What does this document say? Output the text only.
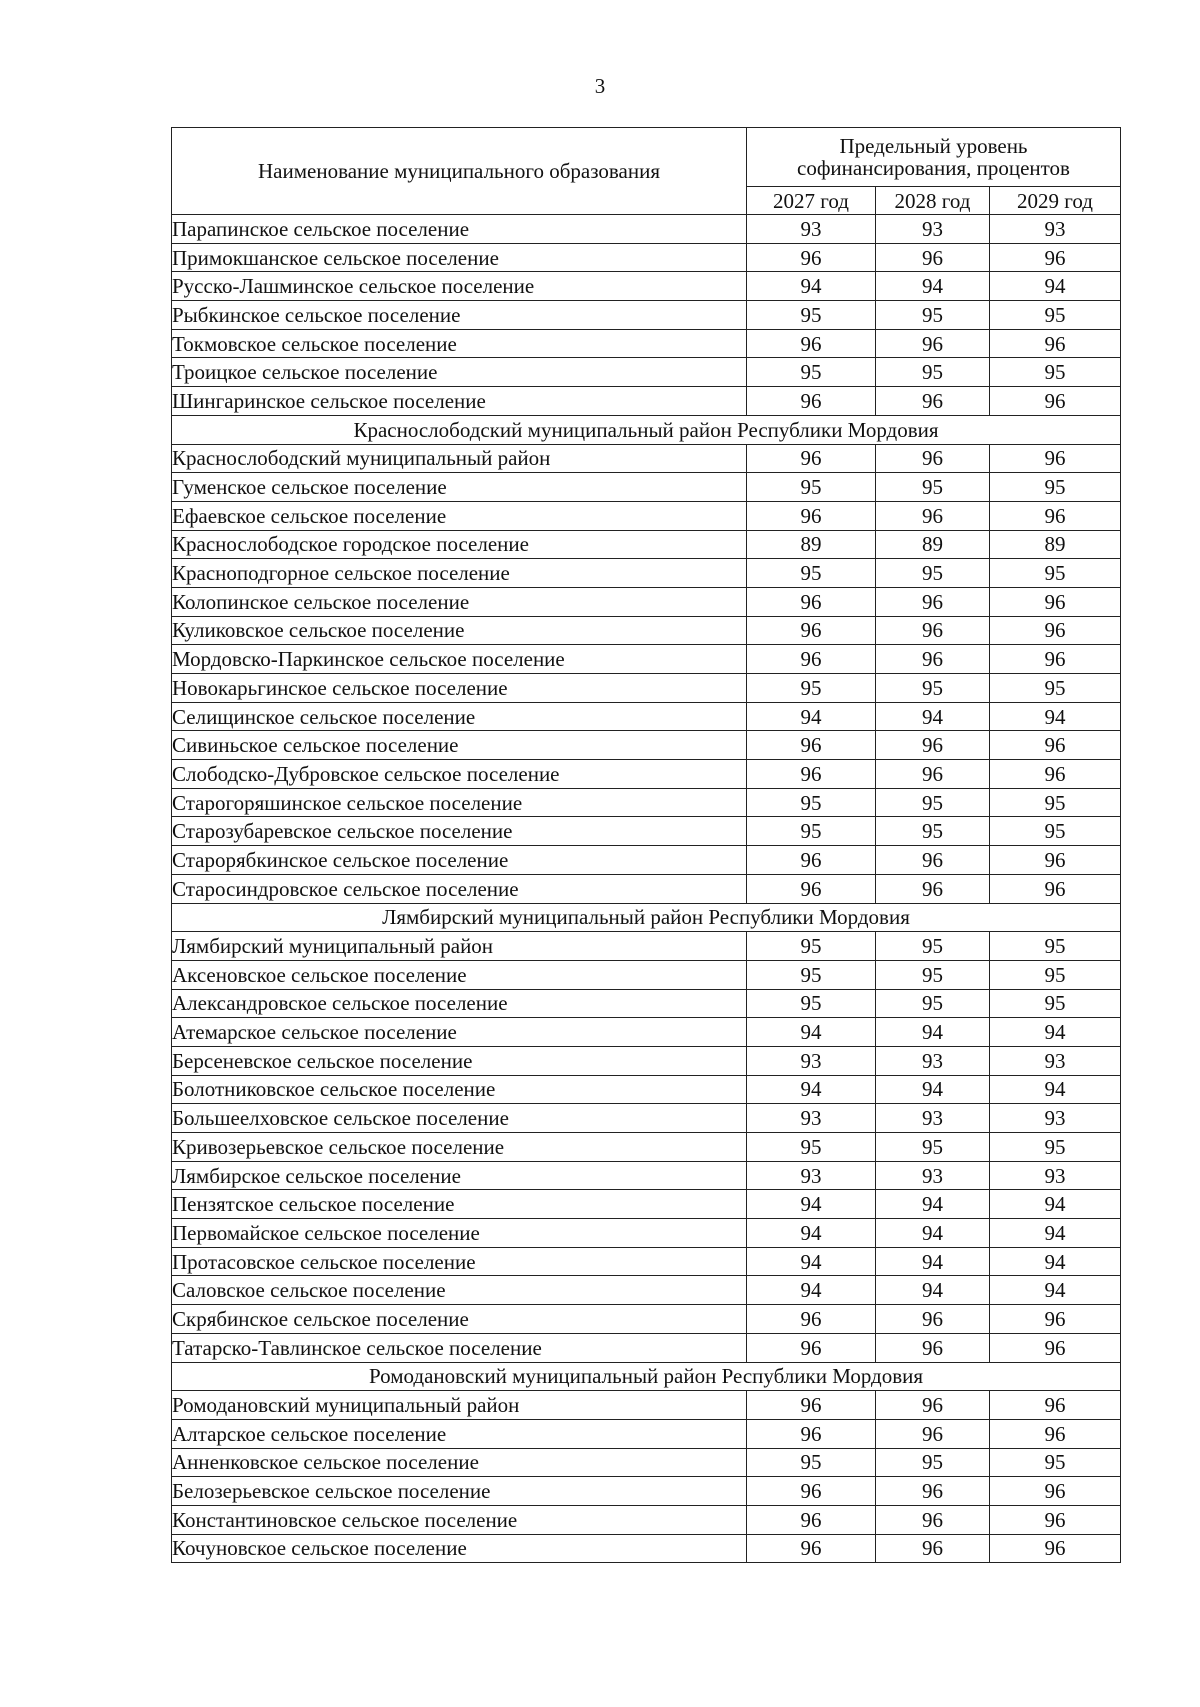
3
Наименование муниципального образования	Предельный уровень
софинансирования, процентов		
	2027 год	2028 год	2029 год
Парапинское сельское поселение	93	93	93
Примокшанское сельское поселение	96	96	96
Русско-Лашминское сельское поселение	94	94	94
Рыбкинское сельское поселение	95	95	95
Токмовское сельское поселение	96	96	96
Троицкое сельское поселение	95	95	95
Шингаринское сельское поселение	96	96	96
Краснослободский муниципальный район Республики Мордовия			
Краснослободский муниципальный район	96	96	96
Гуменское сельское поселение	95	95	95
Ефаевское сельское поселение	96	96	96
Краснослободское городское поселение	89	89	89
Красноподгорное сельское поселение	95	95	95
Колопинское сельское поселение	96	96	96
Куликовское сельское поселение	96	96	96
Мордовско-Паркинское сельское поселение	96	96	96
Новокарьгинское сельское поселение	95	95	95
Селищинское сельское поселение	94	94	94
Сивиньское сельское поселение	96	96	96
Слободско-Дубровское сельское поселение	96	96	96
Старогоряшинское сельское поселение	95	95	95
Старозубаревское сельское поселение	95	95	95
Старорябкинское сельское поселение	96	96	96
Старосиндровское сельское поселение	96	96	96
Лямбирский муниципальный район Республики Мордовия			
Лямбирский муниципальный район	95	95	95
Аксеновское сельское поселение	95	95	95
Александровское сельское поселение	95	95	95
Атемарское сельское поселение	94	94	94
Берсеневское сельское поселение	93	93	93
Болотниковское сельское поселение	94	94	94
Большеелховское сельское поселение	93	93	93
Кривозерьевское сельское поселение	95	95	95
Лямбирское сельское поселение	93	93	93
Пензятское сельское поселение	94	94	94
Первомайское сельское поселение	94	94	94
Протасовское сельское поселение	94	94	94
Саловское сельское поселение	94	94	94
Скрябинское сельское поселение	96	96	96
Татарско-Тавлинское сельское поселение	96	96	96
Ромодановский муниципальный район Республики Мордовия			
Ромодановский муниципальный район	96	96	96
Алтарское сельское поселение	96	96	96
Анненковское сельское поселение	95	95	95
Белозерьевское сельское поселение	96	96	96
Константиновское сельское поселение	96	96	96
Кочуновское сельское поселение	96	96	96
